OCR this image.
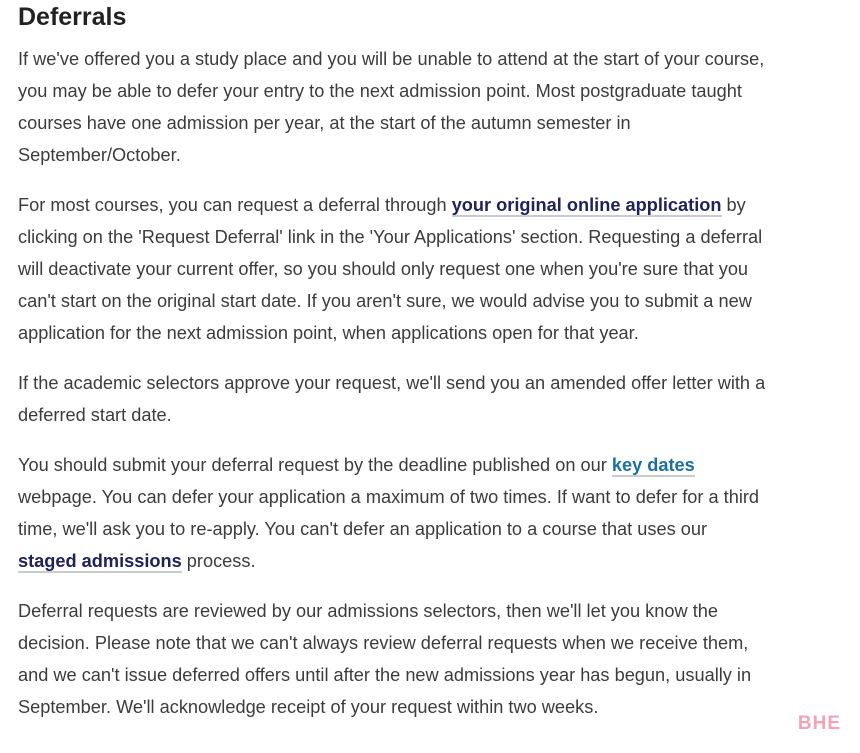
Deferrals

If we've offered you a study place and you will be unable to attend at the start of your course, you may be able to defer your entry to the next admission point. Most postgraduate taught courses have one admission per year, at the start of the autumn semester in September/October.

For most courses, you can request a deferral through your original online application by clicking on the 'Request Deferral' link in the 'Your Applications' section. Requesting a deferral will deactivate your current offer, so you should only request one when you're sure that you can't start on the original start date. If you aren't sure, we would advise you to submit a new application for the next admission point, when applications open for that year.

If the academic selectors approve your request, we'll send you an amended offer letter with a deferred start date.

You should submit your deferral request by the deadline published on our key dates webpage. You can defer your application a maximum of two times. If want to defer for a third time, we'll ask you to re-apply. You can't defer an application to a course that uses our staged admissions process.

Deferral requests are reviewed by our admissions selectors, then we'll let you know the decision. Please note that we can't always review deferral requests when we receive them, and we can't issue deferred offers until after the new admissions year has begun, usually in September. We'll acknowledge receipt of your request within two weeks.

BHE
